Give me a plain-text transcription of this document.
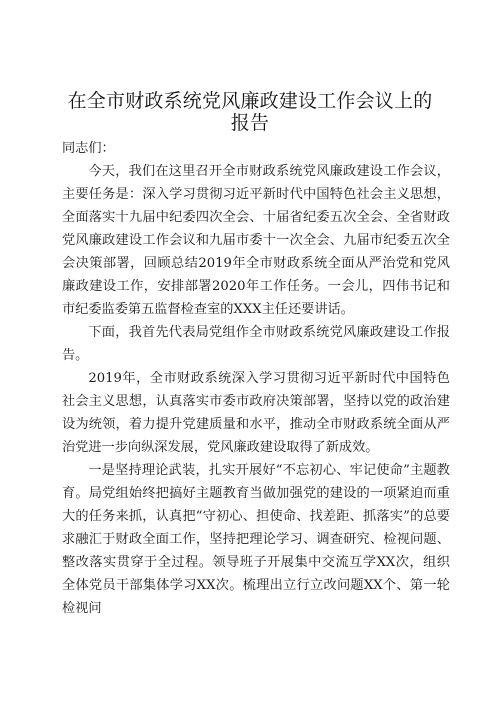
在全市财政系统党风廉政建设工作会议上的报告

同志们：

今天，我们在这里召开全市财政系统党风廉政建设工作会议，主要任务是：深入学习贯彻习近平新时代中国特色社会主义思想，全面落实十九届中纪委四次全会、十届省纪委五次全会、全省财政党风廉政建设工作会议和九届市委十一次全会、九届市纪委五次全会决策部署，回顾总结2019年全市财政系统全面从严治党和党风廉政建设工作，安排部署2020年工作任务。一会儿，四伟书记和市纪委监委第五监督检查室的XXX主任还要讲话。

下面，我首先代表局党组作全市财政系统党风廉政建设工作报告。

2019年，全市财政系统深入学习贯彻习近平新时代中国特色社会主义思想，认真落实市委市政府决策部署，坚持以党的政治建设为统领，着力提升党建质量和水平，推动全市财政系统全面从严治党进一步向纵深发展，党风廉政建设取得了新成效。

一是坚持理论武装，扎实开展好“不忘初心、牢记使命”主题教育。局党组始终把搞好主题教育当做加强党的建设的一项紧迫而重大的任务来抓，认真把“守初心、担使命、找差距、抓落实”的总要求融汇于财政全面工作，坚持把理论学习、调查研究、检视问题、整改落实贯穿于全过程。领导班子开展集中交流互学XX次，组织全体党员干部集体学习XX次。梳理出立行立改问题XX个、第一轮检视问
